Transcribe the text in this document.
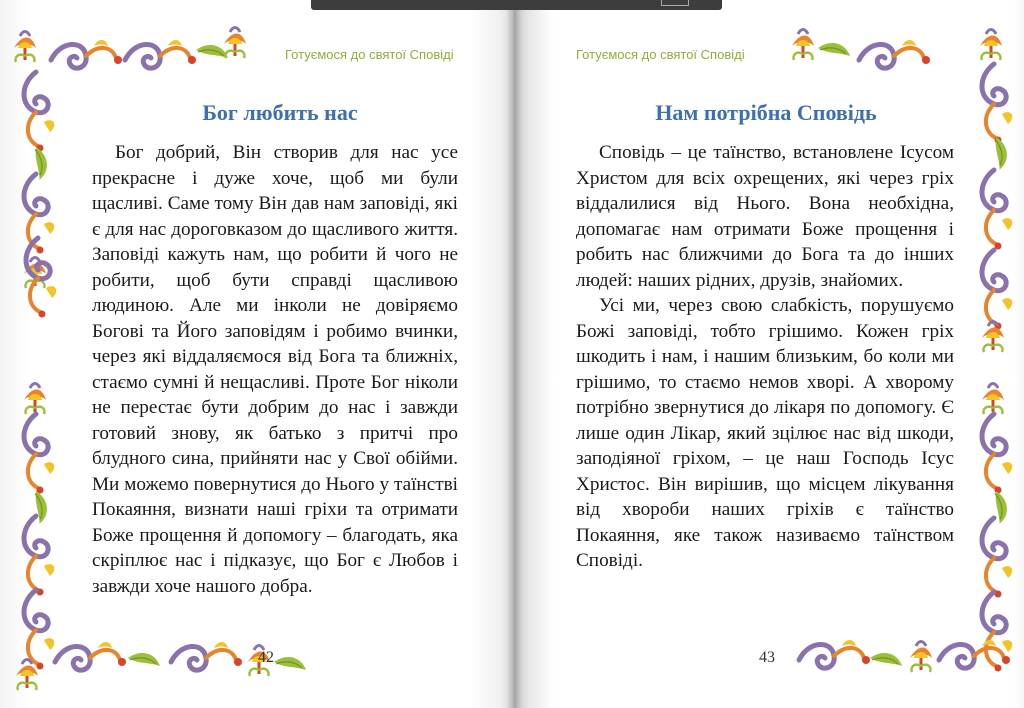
Готуємося до святої Сповіді
Бог любить нас

Бог добрий, Він створив для нас усе прекрасне і дуже хоче, щоб ми були щасливі. Саме тому Він дав нам заповіді, які є для нас дороговказом до щасливого життя. Заповіді кажуть нам, що робити й чого не робити, щоб бути справді щасливою людиною. Але ми інколи не довіряємо Богові та Його заповідям і робимо вчинки, через які віддаляємося від Бога та ближніх, стаємо сумні й нещасливі. Проте Бог ніколи не перестає бути добрим до нас і завжди готовий знову, як батько з притчі про блудного сина, прийняти нас у Свої обійми. Ми можемо повернутися до Нього у таїнстві Покаяння, визнати наші гріхи та отримати Боже прощення й допомогу – благодать, яка скріплює нас і підказує, що Бог є Любов і завжди хоче нашого добра.

42
Готуємося до святої Сповіді
Нам потрібна Сповідь

Сповідь – це таїнство, встановлене Ісусом Христом для всіх охрещених, які через гріх віддалилися від Нього. Вона необхідна, допомагає нам отримати Боже прощення і робить нас ближчими до Бога та до інших людей: наших рідних, друзів, знайомих.

Усі ми, через свою слабкість, порушуємо Божі заповіді, тобто грішимо. Кожен гріх шкодить і нам, і нашим близьким, бо коли ми грішимо, то стаємо немов хворі. А хворому потрібно звернутися до лікаря по допомогу. Є лише один Лікар, який зцілює нас від шкоди, заподіяної гріхом, – це наш Господь Ісус Христос. Він вирішив, що місцем лікування від хвороби наших гріхів є таїнство Покаяння, яке також називаємо таїнством Сповіді.

43
